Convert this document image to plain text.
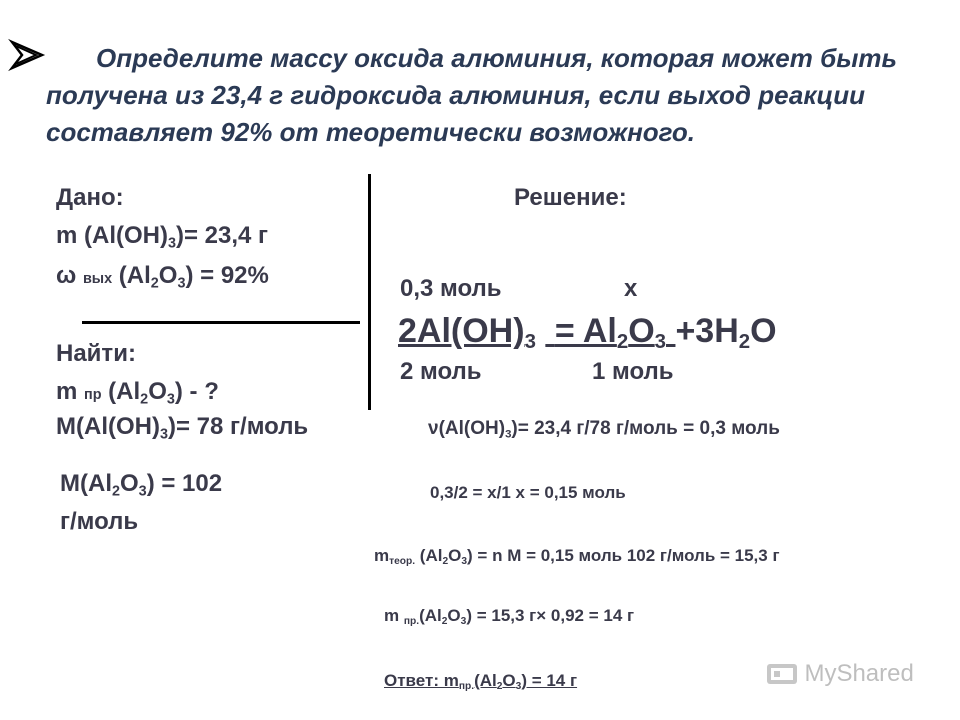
Определите массу оксида алюминия, которая может быть
получена из 23,4 г гидроксида алюминия, если выход реакции
составляет 92% от теоретически возможного.
Дано:
m $(Al(OH)_3)= 23,4$ г
ω вых $(Al_2O_3) = 92\%$
Найти:
m пр $(Al_2O_3)$ - ?
$M(Al(OH)_3)= 78$ г/моль
$M(Al_2O_3) = 102$
г/моль
Решение:
0,3 моль	х
$2Al(OH)_3 = Al_2O_3 +3H_2O$
2 моль	1 моль
$\nu(Al(OH)_3)= 23,4$ г/78 г/моль = 0,3 моль
0,3/2 = х/1 х = 0,15 моль
$m_{теор.}$ $(Al_2O_3) = n$ M = 0,15 моль 102 г/моль = 15,3 г
m $_{пр.}(Al_2O_3) = 15,3$ г× 0,92 = 14 г
Ответ: $m_{пр.}(Al_2O_3) = 14$ г	MyShared
